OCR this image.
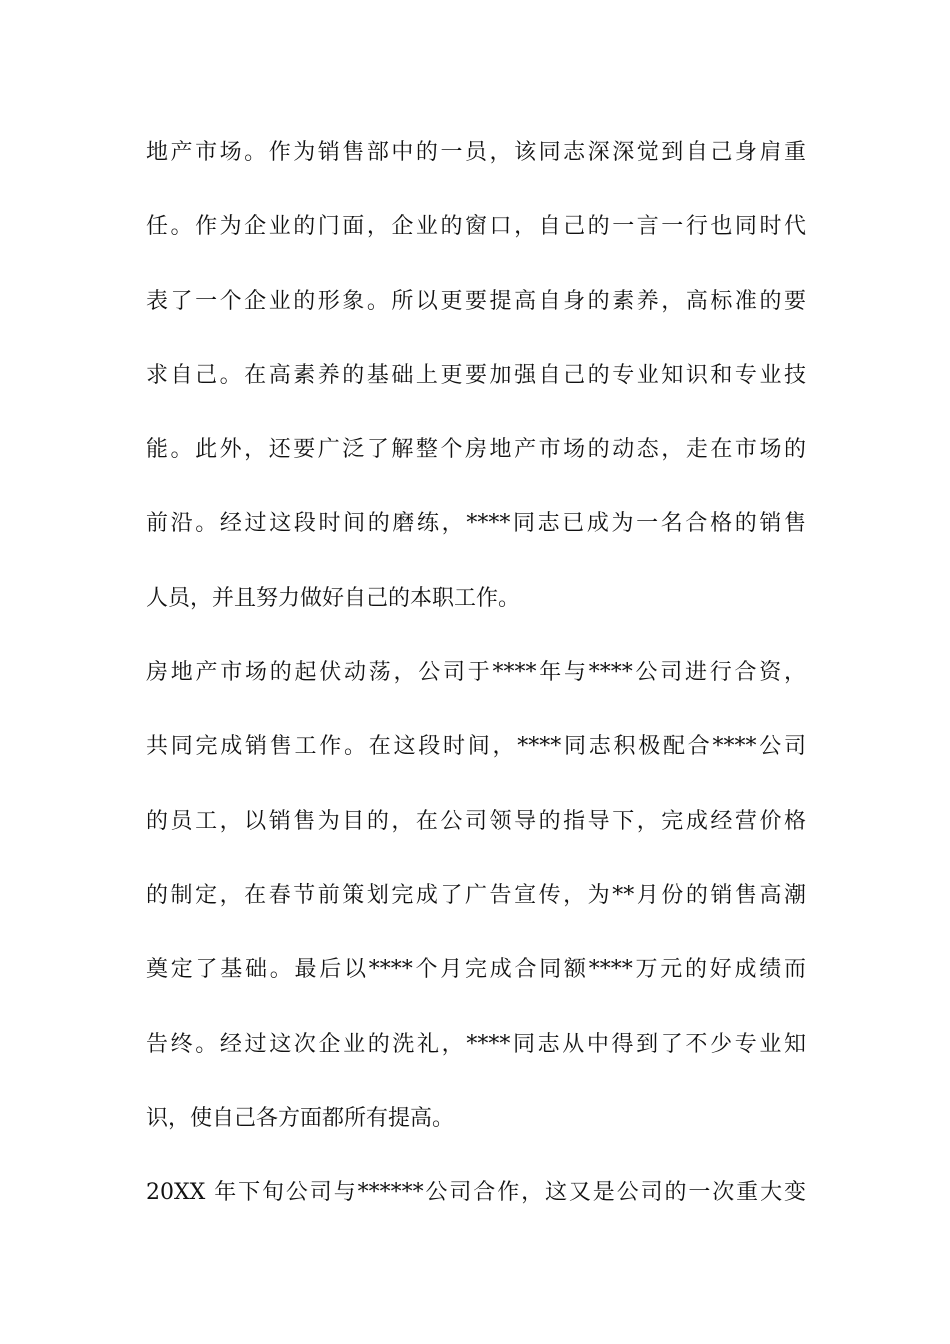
地产市场。作为销售部中的一员，该同志深深觉到自己身肩重
任。作为企业的门面，企业的窗口，自己的一言一行也同时代
表了一个企业的形象。所以更要提高自身的素养，高标准的要
求自己。在高素养的基础上更要加强自己的专业知识和专业技
能。此外，还要广泛了解整个房地产市场的动态，走在市场的
前沿。经过这段时间的磨练，****同志已成为一名合格的销售
人员，并且努力做好自己的本职工作。
房地产市场的起伏动荡，公司于****年与****公司进行合资，
共同完成销售工作。在这段时间，****同志积极配合****公司
的员工，以销售为目的，在公司领导的指导下，完成经营价格
的制定，在春节前策划完成了广告宣传，为**月份的销售高潮
奠定了基础。最后以****个月完成合同额****万元的好成绩而
告终。经过这次企业的洗礼，****同志从中得到了不少专业知
识，使自己各方面都所有提高。
20XX 年下旬公司与******公司合作，这又是公司的一次重大变
